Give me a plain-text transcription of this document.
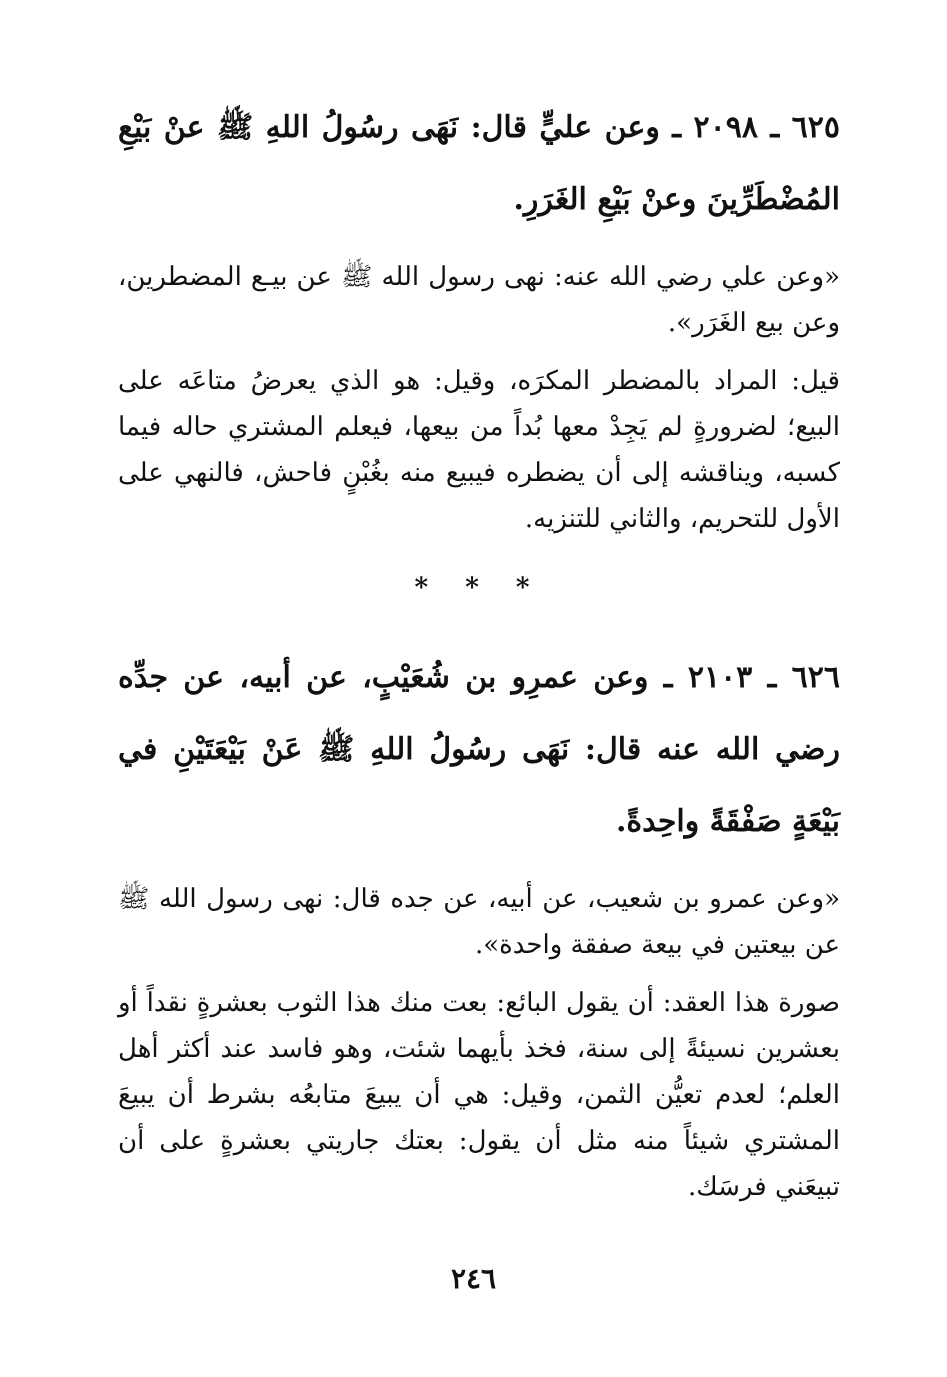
٦٢٥ ـ ٢٠٩٨ ـ وعن عليٍّ قال: نَهَى رسُولُ اللهِ ﷺ عنْ بَيْعِ المُضْطَرِّينَ وعنْ بَيْعِ الغَرَرِ.

«وعن علي رضي الله عنه: نهى رسول الله ﷺ عن بيـع المضطرين، وعن بيع الغَرَر».

قيل: المراد بالمضطر المكرَه، وقيل: هو الذي يعرضُ متاعَه على البيع؛ لضرورةٍ لم يَجِدْ معها بُداً من بيعها، فيعلم المشتري حاله فيما كسبه، ويناقشه إلى أن يضطره فيبيع منه بغُبْنٍ فاحش، فالنهي على الأول للتحريم، والثاني للتنزيه.

* * *

٦٢٦ ـ ٢١٠٣ ـ وعن عمرِو بن شُعَيْبٍ، عن أبيه، عن جدِّه رضي الله عنه قال: نَهَى رسُولُ اللهِ ﷺ عَنْ بَيْعَتَيْنِ في بَيْعَةٍ صَفْقَةً واحِدةً.

«وعن عمرو بن شعيب، عن أبيه، عن جده قال: نهى رسول الله ﷺ عن بيعتين في بيعة صفقة واحدة».

صورة هذا العقد: أن يقول البائع: بعت منك هذا الثوب بعشرةٍ نقداً أو بعشرين نسيئةً إلى سنة، فخذ بأيهما شئت، وهو فاسد عند أكثر أهل العلم؛ لعدم تعيُّن الثمن، وقيل: هي أن يبيعَ متابعُه بشرط أن يبيعَ المشتري شيئاً منه مثل أن يقول: بعتك جاريتي بعشرةٍ على أن تبيعَني فرسَك.

٢٤٦
